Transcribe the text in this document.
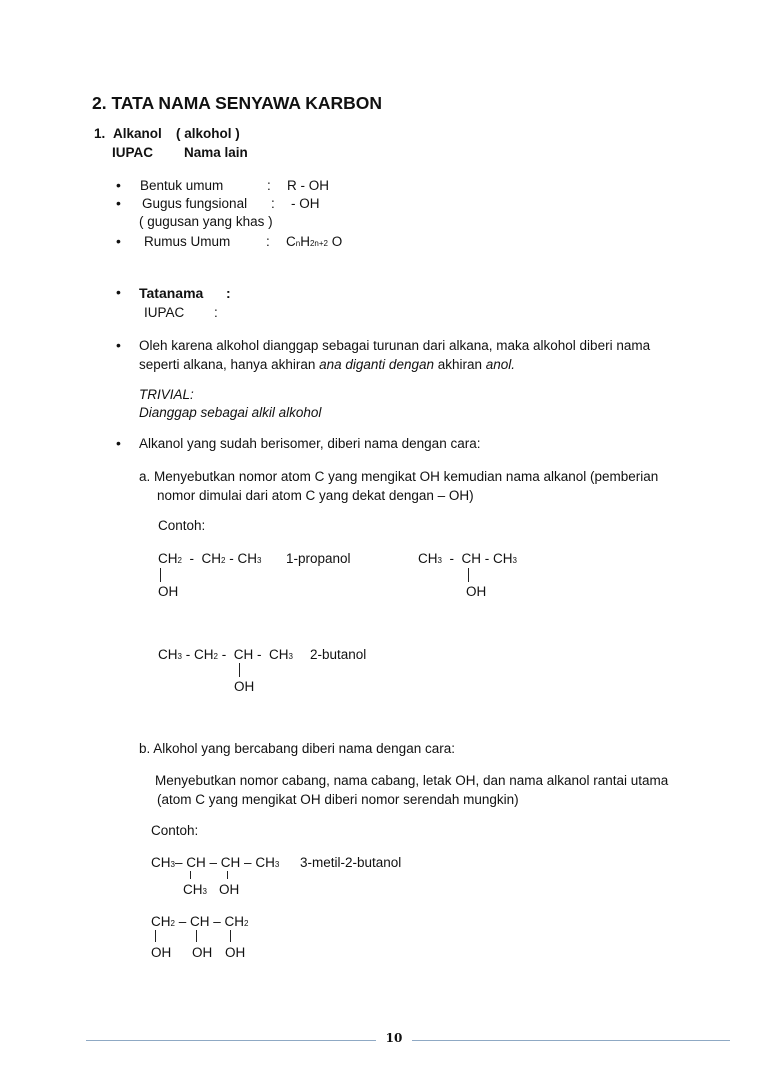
2. TATA NAMA SENYAWA KARBON
1. Alkanol ( alkohol )
IUPAC Nama lain
• Bentuk umum	: R - OH
• Gugus fungsional : - OH
( gugusan yang khas )
• Rumus Umum	: CnH2n+2 O
• Tatanama :
IUPAC :
• Oleh karena alkohol dianggap sebagai turunan dari alkana, maka alkohol diberi nama
seperti alkana, hanya akhiran ana diganti dengan akhiran anol.
TRIVIAL:
Dianggap sebagai alkil alkohol
• Alkanol yang sudah berisomer, diberi nama dengan cara:
a. Menyebutkan nomor atom C yang mengikat OH kemudian nama alkanol (pemberian
nomor dimulai dari atom C yang dekat dengan – OH)
Contoh:
CH2 - CH2 - CH3 1-propanol
OH
CH3 - CH - CH3
OH
CH3 - CH2 - CH - CH3 2-butanol
OH
b. Alkohol yang bercabang diberi nama dengan cara:
Menyebutkan nomor cabang, nama cabang, letak OH, dan nama alkanol rantai utama
(atom C yang mengikat OH diberi nomor serendah mungkin)
Contoh:
CH3– CH – CH – CH3 3-metil-2-butanol
CH3 OH
CH2 – CH – CH2
OH OH OH
10
